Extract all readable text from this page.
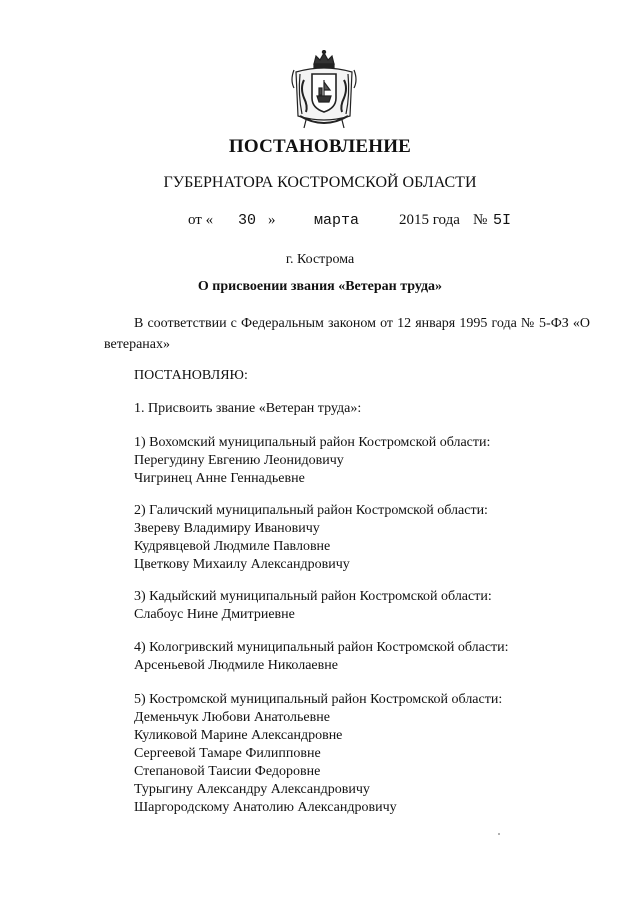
ПОСТАНОВЛЕНИЕ
ГУБЕРНАТОРА КОСТРОМСКОЙ ОБЛАСТИ
от « 30 »	марта	2015 года № 5I
г. Кострома
О присвоении звания «Ветеран труда»
В соответствии с Федеральным законом от 12 января 1995 года № 5-ФЗ «О ветеранах»
ПОСТАНОВЛЯЮ:
1. Присвоить звание «Ветеран труда»:
1) Вохомский муниципальный район Костромской области:
Перегудину Евгению Леонидовичу
Чигринец Анне Геннадьевне
2) Галичский муниципальный район Костромской области:
Звереву Владимиру Ивановичу
Кудрявцевой Людмиле Павловне
Цветкову Михаилу Александровичу
3) Кадыйский муниципальный район Костромской области:
Слабоус Нине Дмитриевне
4) Кологривский муниципальный район Костромской области:
Арсеньевой Людмиле Николаевне
5) Костромской муниципальный район Костромской области:
Деменьчук Любови Анатольевне
Куликовой Марине Александровне
Сергеевой Тамаре Филипповне
Степановой Таисии Федоровне
Турыгину Александру Александровичу
Шаргородскому Анатолию Александровичу
